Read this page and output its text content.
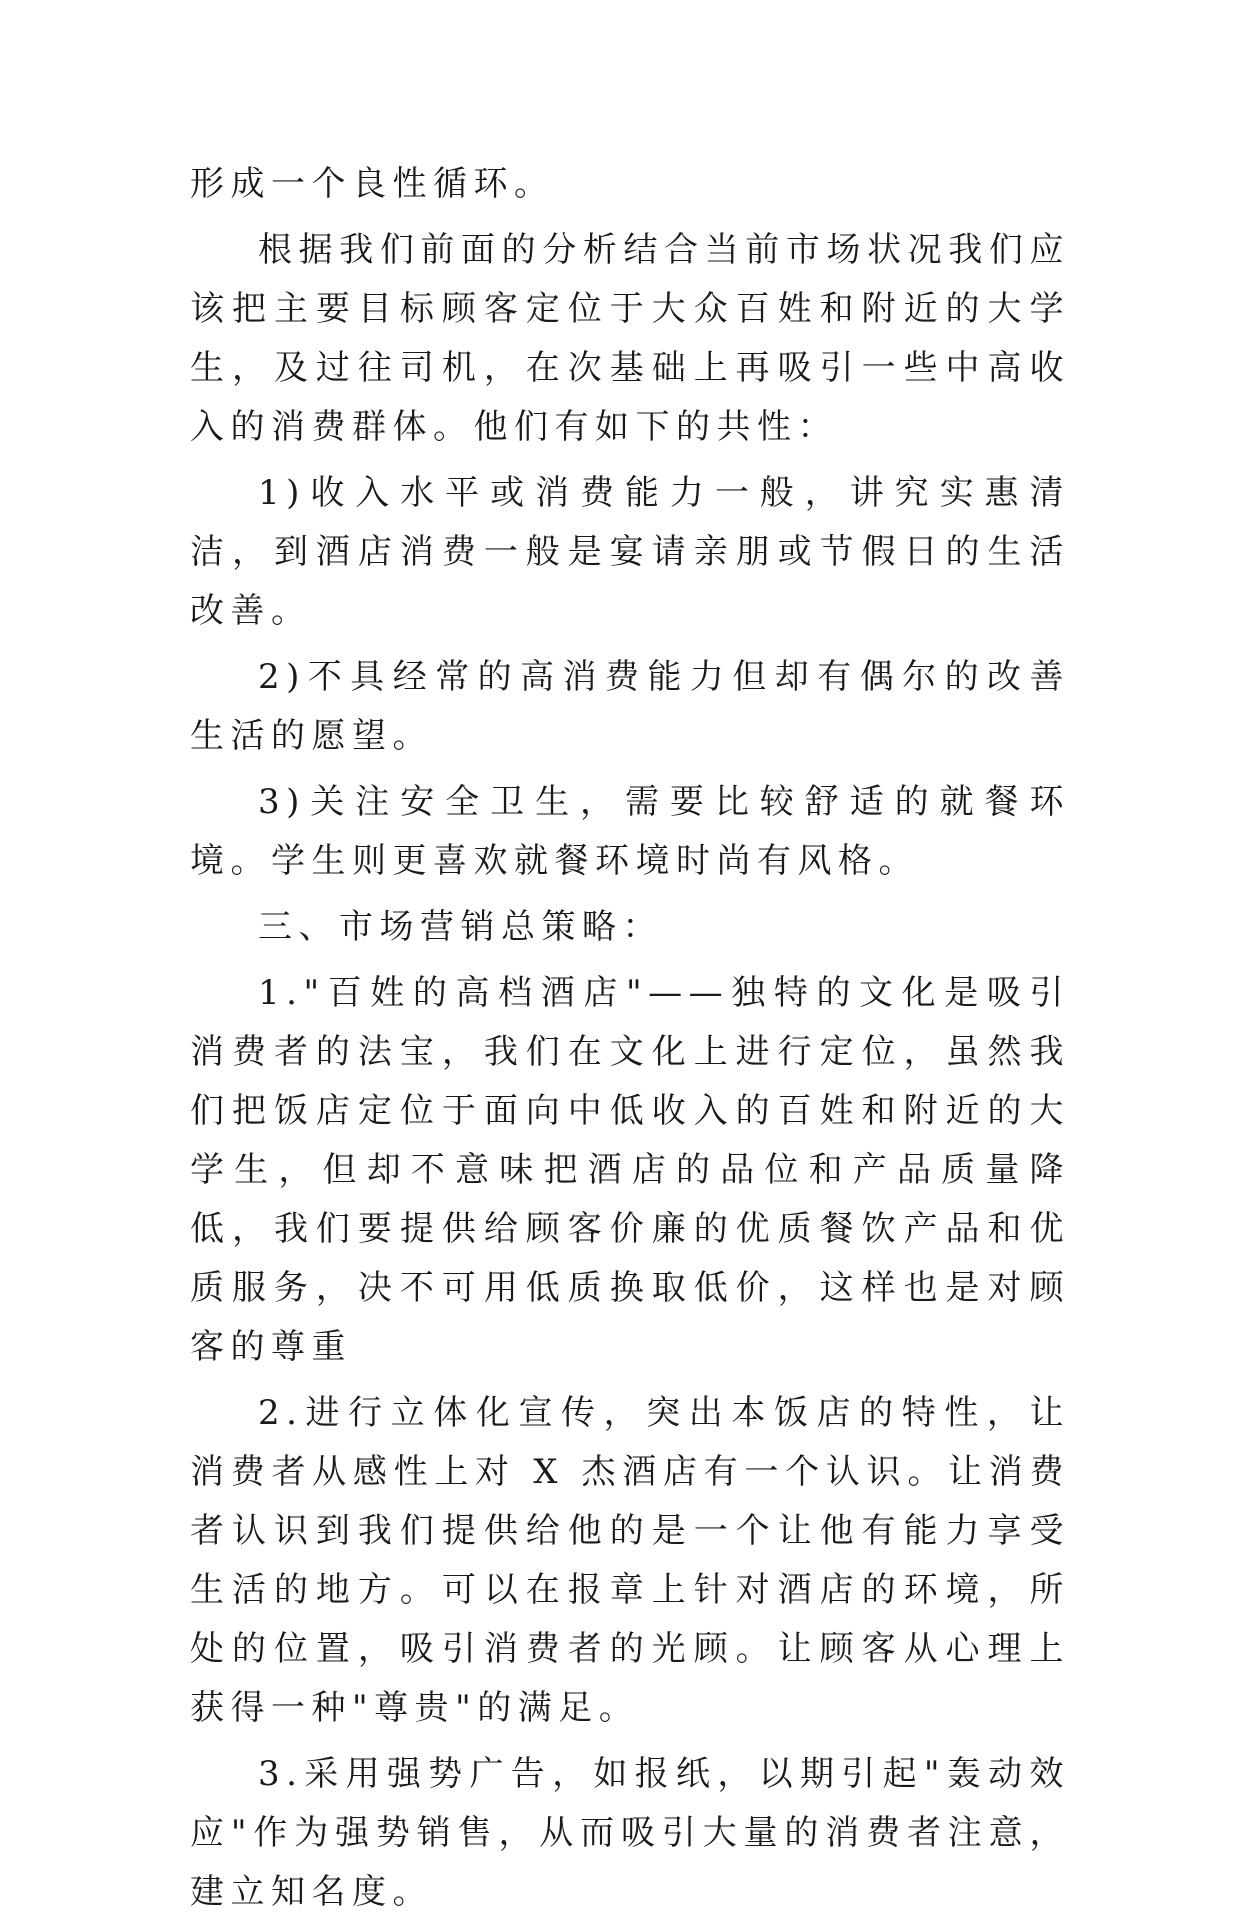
形成一个良性循环。

根据我们前面的分析结合当前市场状况我们应该把主要目标顾客定位于大众百姓和附近的大学生，及过往司机，在次基础上再吸引一些中高收入的消费群体。他们有如下的共性：

1)收入水平或消费能力一般，讲究实惠清洁，到酒店消费一般是宴请亲朋或节假日的生活改善。

2)不具经常的高消费能力但却有偶尔的改善生活的愿望。

3)关注安全卫生，需要比较舒适的就餐环境。学生则更喜欢就餐环境时尚有风格。

三、市场营销总策略：

1."百姓的高档酒店"——独特的文化是吸引消费者的法宝，我们在文化上进行定位，虽然我们把饭店定位于面向中低收入的百姓和附近的大学生，但却不意味把酒店的品位和产品质量降低，我们要提供给顾客价廉的优质餐饮产品和优质服务，决不可用低质换取低价，这样也是对顾客的尊重

2.进行立体化宣传，突出本饭店的特性，让消费者从感性上对 X 杰酒店有一个认识。让消费者认识到我们提供给他的是一个让他有能力享受生活的地方。可以在报章上针对酒店的环境，所处的位置，吸引消费者的光顾。让顾客从心理上获得一种"尊贵"的满足。

3.采用强势广告，如报纸，以期引起"轰动效应"作为强势销售，从而吸引大量的消费者注意，建立知名度。
